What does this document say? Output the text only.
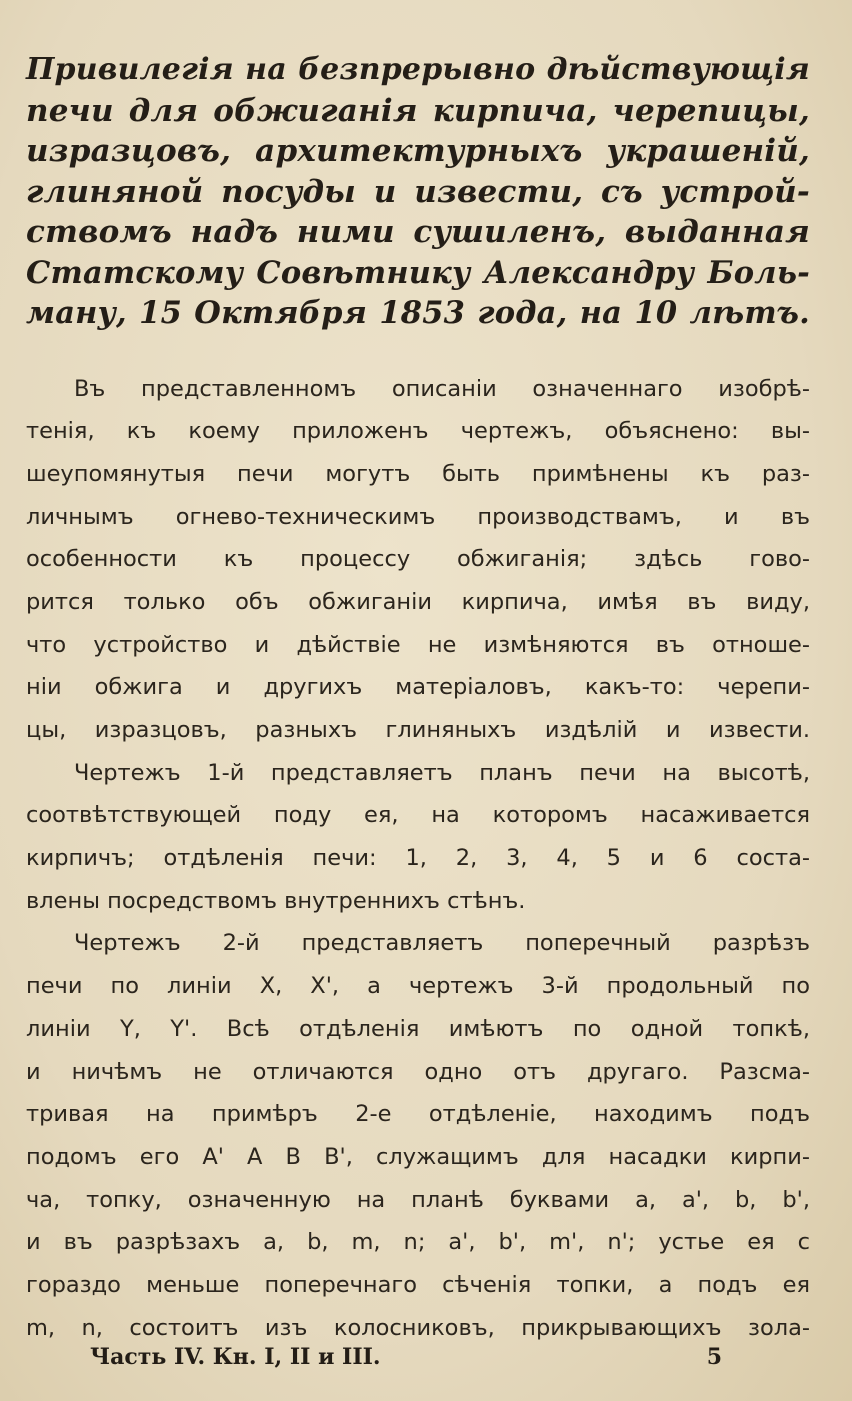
Привилегія на безпрерывно дѣйствующія
печи для обжиганія кирпича, черепицы,
изразцовъ, архитектурныхъ украшеній,
глиняной посуды и извести, съ устрой-
ствомъ надъ ними сушиленъ, выданная
Статскому Совѣтнику Александру Боль-
ману, 15 Октября 1853 года, на 10 лѣтъ.
Въ представленномъ описаніи означеннаго изобрѣ-
тенія, къ коему приложенъ чертежъ, объяснено: вы-
шеупомянутыя печи могутъ быть примѣнены къ раз-
личнымъ огнево-техническимъ производствамъ, и въ
особенности къ процессу обжиганія; здѣсь гово-
рится только объ обжиганіи кирпича, имѣя въ виду,
что устройство и дѣйствіе не измѣняются въ отноше-
ніи обжига и другихъ матеріаловъ, какъ-то: черепи-
цы, изразцовъ, разныхъ глиняныхъ издѣлій и извести.
Чертежъ 1-й представляетъ планъ печи на высотѣ,
соотвѣтствующей поду ея, на которомъ насаживается
кирпичъ; отдѣленія печи: 1, 2, 3, 4, 5 и 6 соста-
влены посредствомъ внутреннихъ стѣнъ.
Чертежъ 2-й представляетъ поперечный разрѣзъ
печи по линіи X, X', а чертежъ 3-й продольный по
линіи Y, Y'. Всѣ отдѣленія имѣютъ по одной топкѣ,
и ничѣмъ не отличаются одно отъ другаго. Разсма-
тривая на примѣръ 2-е отдѣленіе, находимъ подъ
подомъ его A' A B B', служащимъ для насадки кирпи-
ча, топку, означенную на планѣ буквами a, a', b, b',
и въ разрѣзахъ a, b, m, n; a', b', m', n'; устье ея с
гораздо меньше поперечнаго сѣченія топки, а подъ ея
m, n, состоитъ изъ колосниковъ, прикрывающихъ зола-
Часть IV. Кн. I, II и III.	5
